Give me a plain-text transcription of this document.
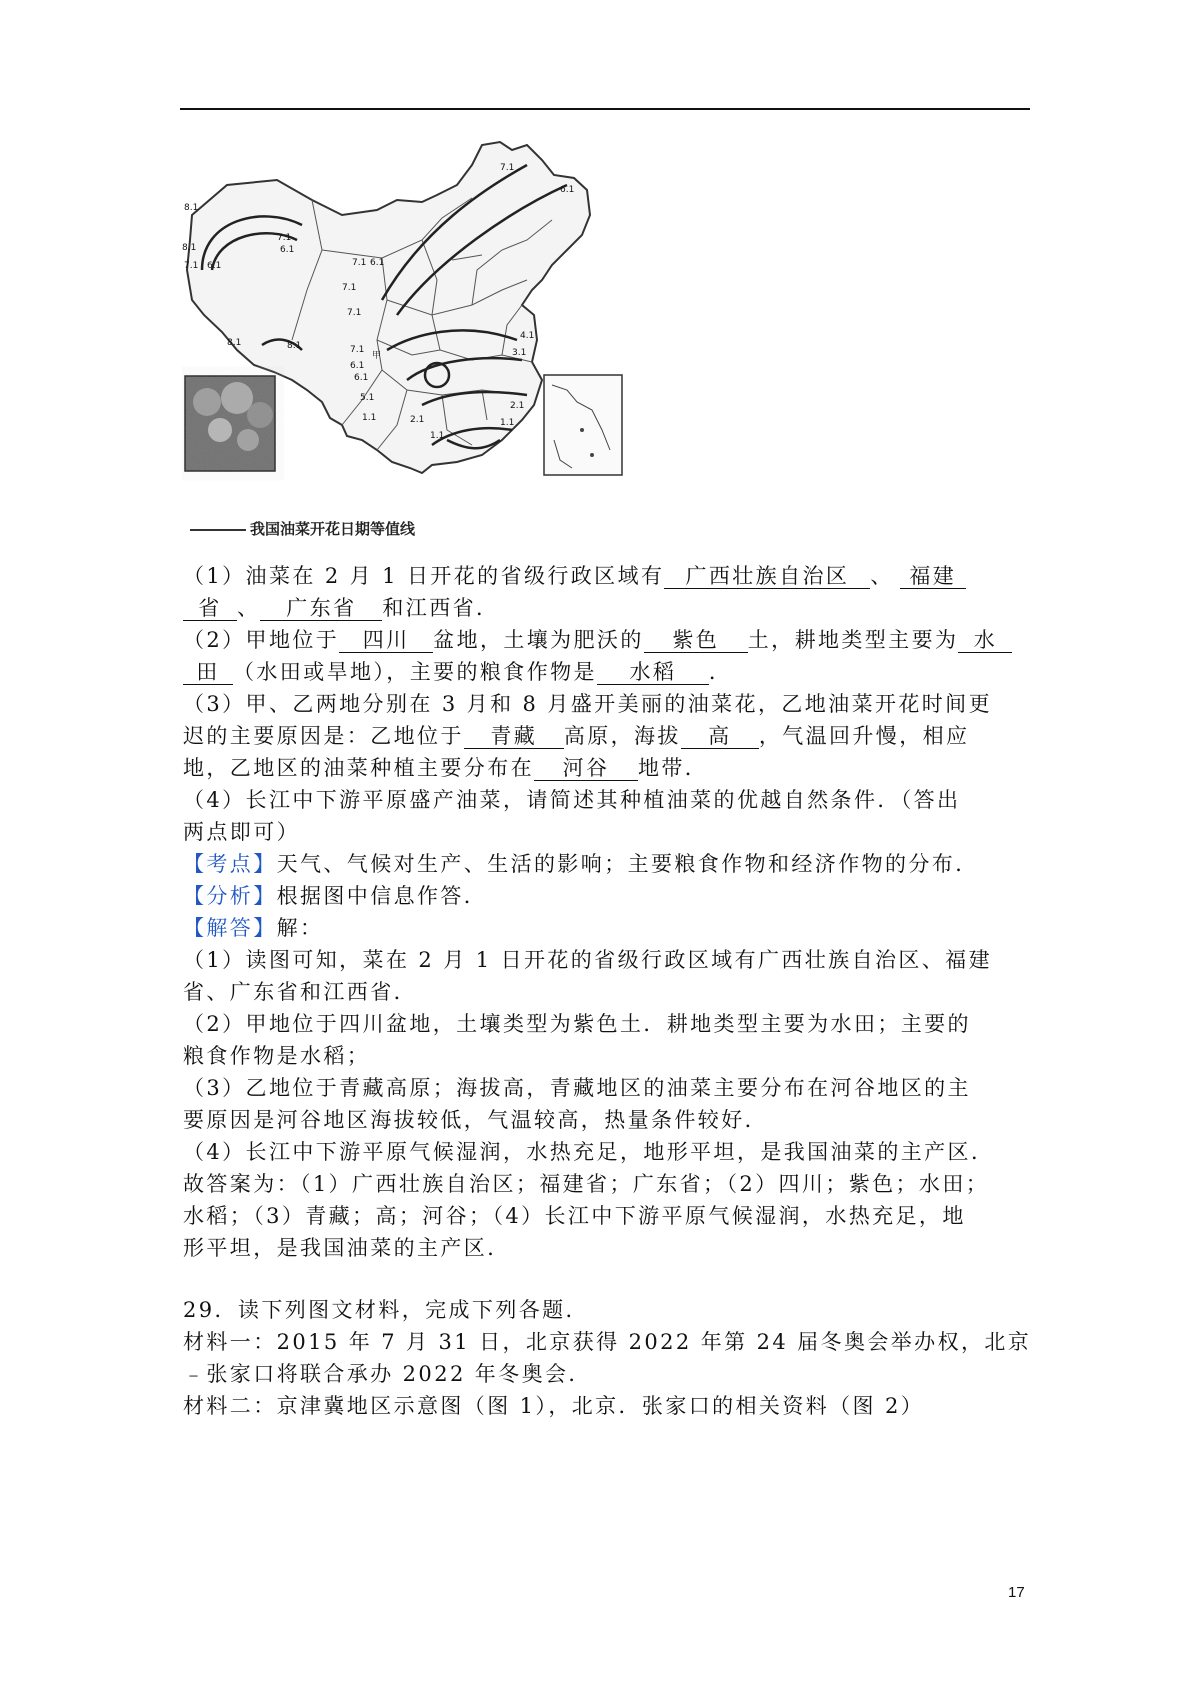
8.1
7.1
6.1
8.1
7.1 6.1	7.1 6.1
7.1
7.1
7.1
6.1
8.1	8.1
6.1
甲
5.1
1.1
4.1
3.1
2.1
2.1
1.1
1.1
7.1
6.1
我国油菜开花日期等值线
（1）油菜在 2 月 1 日开花的省级行政区域有 广西壮族自治区 、 福建
省 、 广东省 和江西省．
（2）甲地位于 四川 盆地，土壤为肥沃的 紫色 土，耕地类型主要为 水
田 （水田或旱地），主要的粮食作物是 水稻 ．
（3）甲、乙两地分别在 3 月和 8 月盛开美丽的油菜花，乙地油菜开花时间更
迟的主要原因是：乙地位于 青藏 高原，海拔 高 ，气温回升慢，相应
地，乙地区的油菜种植主要分布在 河谷 地带．
（4）长江中下游平原盛产油菜，请简述其种植油菜的优越自然条件．（答出
两点即可）
【考点】天气、气候对生产、生活的影响；主要粮食作物和经济作物的分布．
【分析】根据图中信息作答．
【解答】解：
（1）读图可知，菜在 2 月 1 日开花的省级行政区域有广西壮族自治区、福建
省、广东省和江西省．
（2）甲地位于四川盆地，土壤类型为紫色土．耕地类型主要为水田；主要的
粮食作物是水稻；
（3）乙地位于青藏高原；海拔高，青藏地区的油菜主要分布在河谷地区的主
要原因是河谷地区海拔较低，气温较高，热量条件较好．
（4）长江中下游平原气候湿润，水热充足，地形平坦，是我国油菜的主产区．
故答案为：（1）广西壮族自治区；福建省；广东省；（2）四川；紫色；水田；
水稻；（3）青藏；高；河谷；（4）长江中下游平原气候湿润，水热充足，地
形平坦，是我国油菜的主产区．
29．读下列图文材料，完成下列各题．
材料一：2015 年 7 月 31 日，北京获得 2022 年第 24 届冬奥会举办权，北京
﹣张家口将联合承办 2022 年冬奥会．
材料二：京津冀地区示意图（图 1），北京．张家口的相关资料（图 2）
17
